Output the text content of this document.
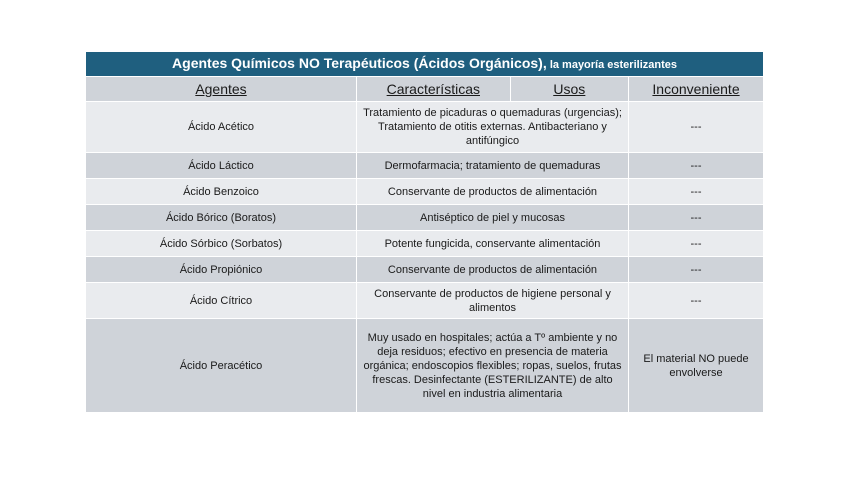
Agentes Químicos NO Terapéuticos (Ácidos Orgánicos), la mayoría esterilizantes		
Agentes	Características Usos	Inconveniente
Ácido Acético	Tratamiento de picaduras o quemaduras (urgencias); Tratamiento de otitis externas. Antibacteriano y antifúngico	---
Ácido Láctico	Dermofarmacia; tratamiento de quemaduras	---
Ácido Benzoico	Conservante de productos de alimentación	---
Ácido Bórico (Boratos)	Antiséptico de piel y mucosas	---
Ácido Sórbico (Sorbatos)	Potente fungicida, conservante alimentación	---
Ácido Propiónico	Conservante de productos de alimentación	---
Ácido Cítrico	Conservante de productos de higiene personal y alimentos	---
Ácido Peracético	Muy usado en hospitales; actúa a Tº ambiente y no deja residuos; efectivo en presencia de materia orgánica; endoscopios flexibles; ropas, suelos, frutas frescas. Desinfectante (ESTERILIZANTE) de alto nivel en industria alimentaria	El material NO puede envolverse
